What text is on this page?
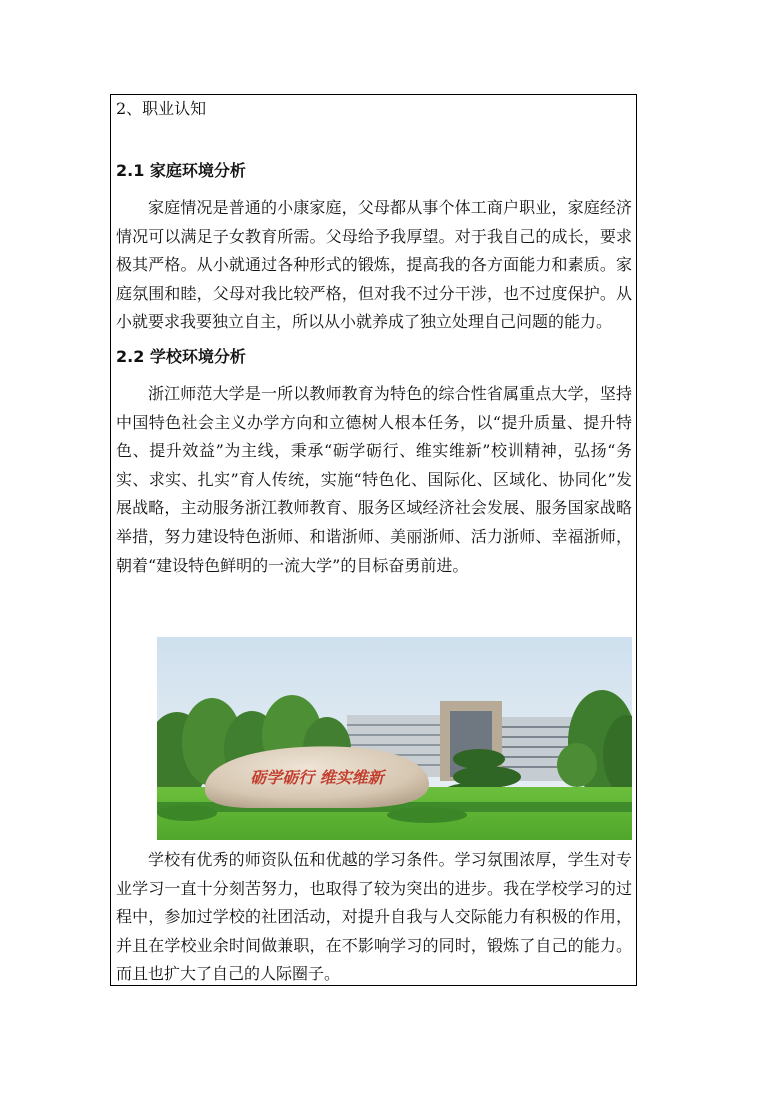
2、职业认知
2.1 家庭环境分析

家庭情况是普通的小康家庭，父母都从事个体工商户职业，家庭经济情况可以满足子女教育所需。父母给予我厚望。对于我自己的成长，要求极其严格。从小就通过各种形式的锻炼，提高我的各方面能力和素质。家庭氛围和睦，父母对我比较严格，但对我不过分干涉，也不过度保护。从小就要求我要独立自主，所以从小就养成了独立处理自己问题的能力。

2.2 学校环境分析

浙江师范大学是一所以教师教育为特色的综合性省属重点大学，坚持中国特色社会主义办学方向和立德树人根本任务，以“提升质量、提升特色、提升效益”为主线，秉承“砺学砺行、维实维新”校训精神，弘扬“务实、求实、扎实”育人传统，实施“特色化、国际化、区域化、协同化”发展战略，主动服务浙江教师教育、服务区域经济社会发展、服务国家战略举措，努力建设特色浙师、和谐浙师、美丽浙师、活力浙师、幸福浙师，朝着“建设特色鲜明的一流大学”的目标奋勇前进。

砺学砺行 维实维新

学校有优秀的师资队伍和优越的学习条件。学习氛围浓厚，学生对专业学习一直十分刻苦努力，也取得了较为突出的进步。我在学校学习的过程中，参加过学校的社团活动，对提升自我与人交际能力有积极的作用，并且在学校业余时间做兼职，在不影响学习的同时，锻炼了自己的能力。而且也扩大了自己的人际圈子。
